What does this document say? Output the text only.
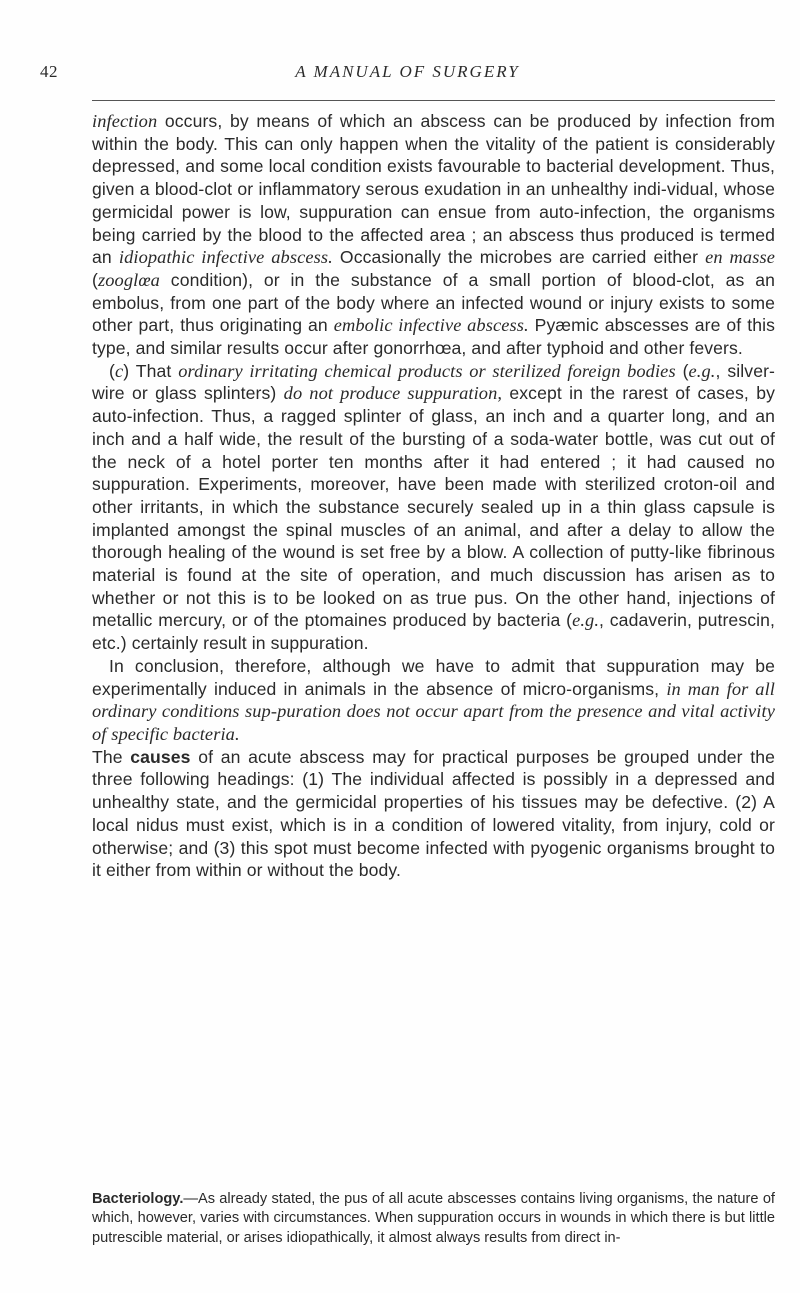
42	A MANUAL OF SURGERY

infection occurs, by means of which an abscess can be produced by infection from within the body. This can only happen when the vitality of the patient is considerably depressed, and some local condition exists favourable to bacterial development. Thus, given a blood-clot or inflammatory serous exudation in an unhealthy indi-vidual, whose germicidal power is low, suppuration can ensue from auto-infection, the organisms being carried by the blood to the affected area ; an abscess thus produced is termed an idiopathic infective abscess. Occasionally the microbes are carried either en masse (zooglœa condition), or in the substance of a small portion of blood-clot, as an embolus, from one part of the body where an infected wound or injury exists to some other part, thus originating an embolic infective abscess. Pyæmic abscesses are of this type, and similar results occur after gonorrhœa, and after typhoid and other fevers.

(c) That ordinary irritating chemical products or sterilized foreign bodies (e.g., silver-wire or glass splinters) do not produce suppuration, except in the rarest of cases, by auto-infection. Thus, a ragged splinter of glass, an inch and a quarter long, and an inch and a half wide, the result of the bursting of a soda-water bottle, was cut out of the neck of a hotel porter ten months after it had entered ; it had caused no suppuration. Experiments, moreover, have been made with sterilized croton-oil and other irritants, in which the substance securely sealed up in a thin glass capsule is implanted amongst the spinal muscles of an animal, and after a delay to allow the thorough healing of the wound is set free by a blow. A collection of putty-like fibrinous material is found at the site of operation, and much discussion has arisen as to whether or not this is to be looked on as true pus. On the other hand, injections of metallic mercury, or of the ptomaines produced by bacteria (e.g., cadaverin, putrescin, etc.) certainly result in suppuration.

In conclusion, therefore, although we have to admit that suppuration may be experimentally induced in animals in the absence of micro-organisms, in man for all ordinary conditions sup-puration does not occur apart from the presence and vital activity of specific bacteria.

The causes of an acute abscess may for practical purposes be grouped under the three following headings: (1) The individual affected is possibly in a depressed and unhealthy state, and the germicidal properties of his tissues may be defective. (2) A local nidus must exist, which is in a condition of lowered vitality, from injury, cold or otherwise; and (3) this spot must become infected with pyogenic organisms brought to it either from within or without the body.

Bacteriology.—As already stated, the pus of all acute abscesses contains living organisms, the nature of which, however, varies with circumstances. When suppuration occurs in wounds in which there is but little putrescible material, or arises idiopathically, it almost always results from direct in-
